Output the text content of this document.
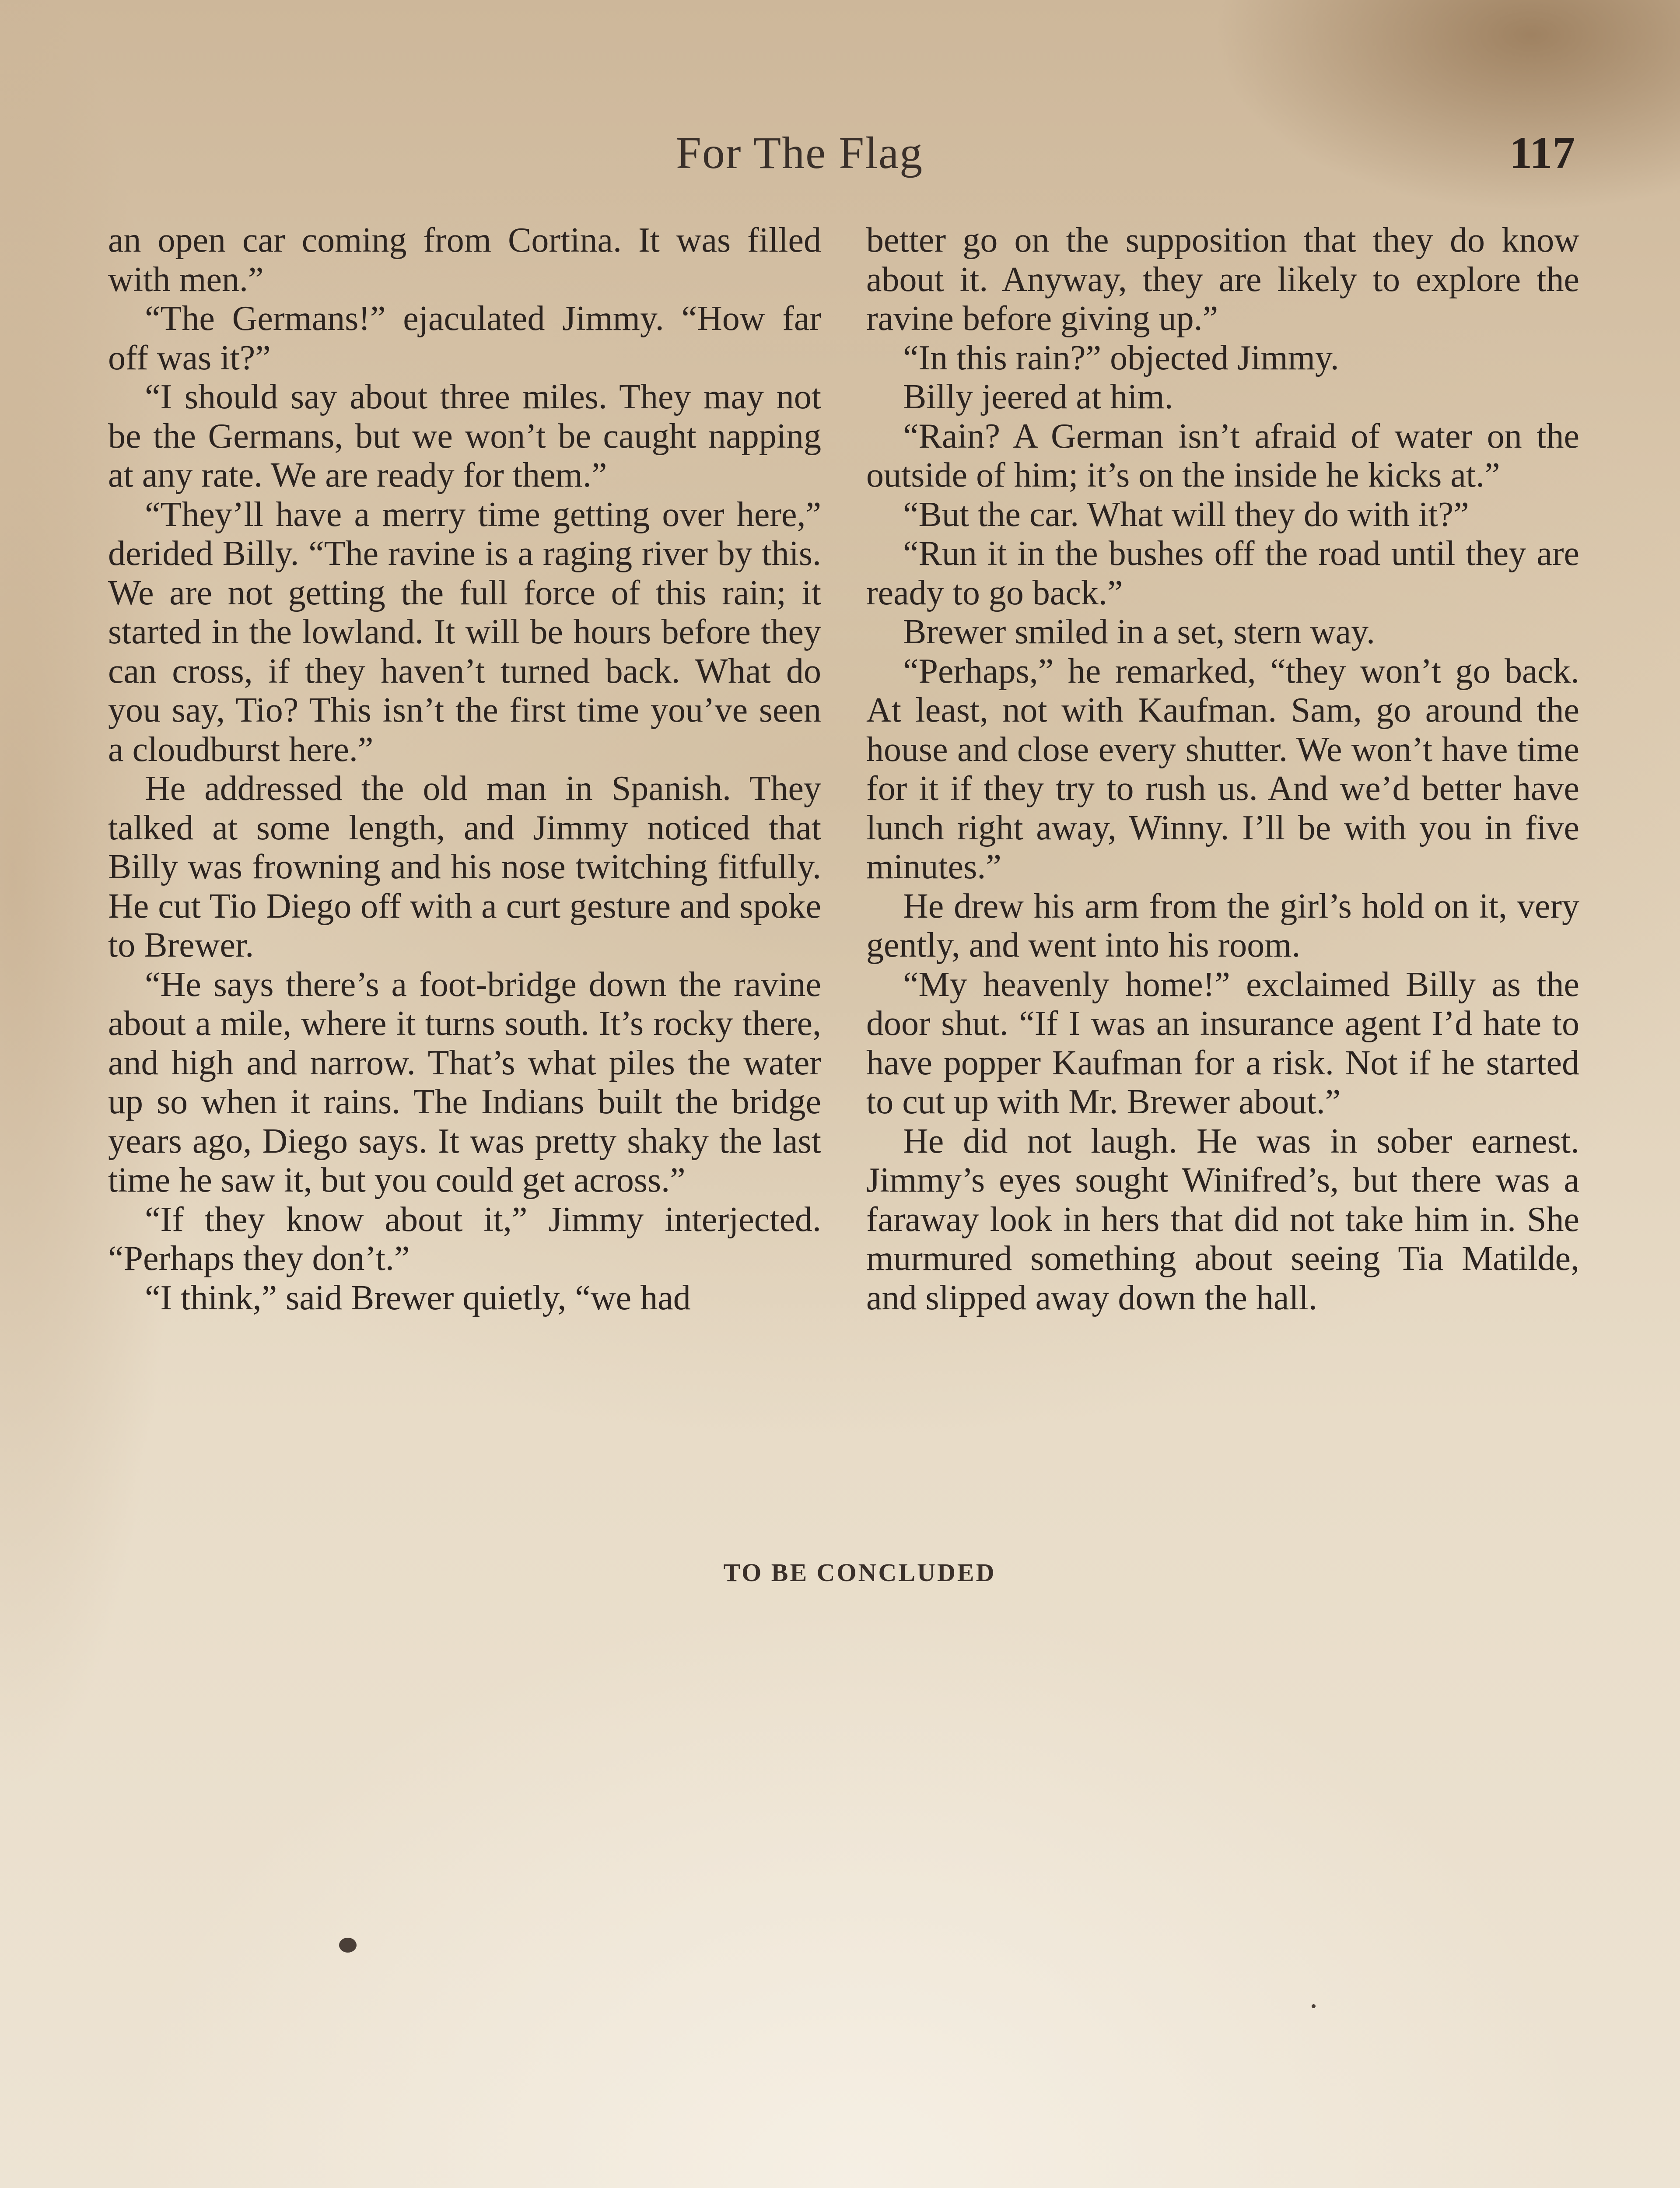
For The Flag	117

an open car coming from Cortina. It was filled with men.”

“The Germans!” ejaculated Jimmy. “How far off was it?”

“I should say about three miles. They may not be the Germans, but we won’t be caught napping at any rate. We are ready for them.”

“They’ll have a merry time getting over here,” derided Billy. “The ravine is a raging river by this. We are not getting the full force of this rain; it started in the lowland. It will be hours before they can cross, if they haven’t turned back. What do you say, Tio? This isn’t the first time you’ve seen a cloudburst here.”

He addressed the old man in Spanish. They talked at some length, and Jimmy noticed that Billy was frowning and his nose twitching fitfully. He cut Tio Diego off with a curt gesture and spoke to Brewer.

“He says there’s a foot-bridge down the ravine about a mile, where it turns south. It’s rocky there, and high and narrow. That’s what piles the water up so when it rains. The Indians built the bridge years ago, Diego says. It was pretty shaky the last time he saw it, but you could get across.”

“If they know about it,” Jimmy interjected. “Perhaps they don’t.”

“I think,” said Brewer quietly, “we had

better go on the supposition that they do know about it. Anyway, they are likely to explore the ravine before giving up.”

“In this rain?” objected Jimmy.

Billy jeered at him.

“Rain? A German isn’t afraid of water on the outside of him; it’s on the inside he kicks at.”

“But the car. What will they do with it?”

“Run it in the bushes off the road until they are ready to go back.”

Brewer smiled in a set, stern way.

“Perhaps,” he remarked, “they won’t go back. At least, not with Kaufman. Sam, go around the house and close every shutter. We won’t have time for it if they try to rush us. And we’d better have lunch right away, Winny. I’ll be with you in five minutes.”

He drew his arm from the girl’s hold on it, very gently, and went into his room.

“My heavenly home!” exclaimed Billy as the door shut. “If I was an insurance agent I’d hate to have popper Kaufman for a risk. Not if he started to cut up with Mr. Brewer about.”

He did not laugh. He was in sober earnest. Jimmy’s eyes sought Winifred’s, but there was a faraway look in hers that did not take him in. She murmured something about seeing Tia Matilde, and slipped away down the hall.

TO BE CONCLUDED
